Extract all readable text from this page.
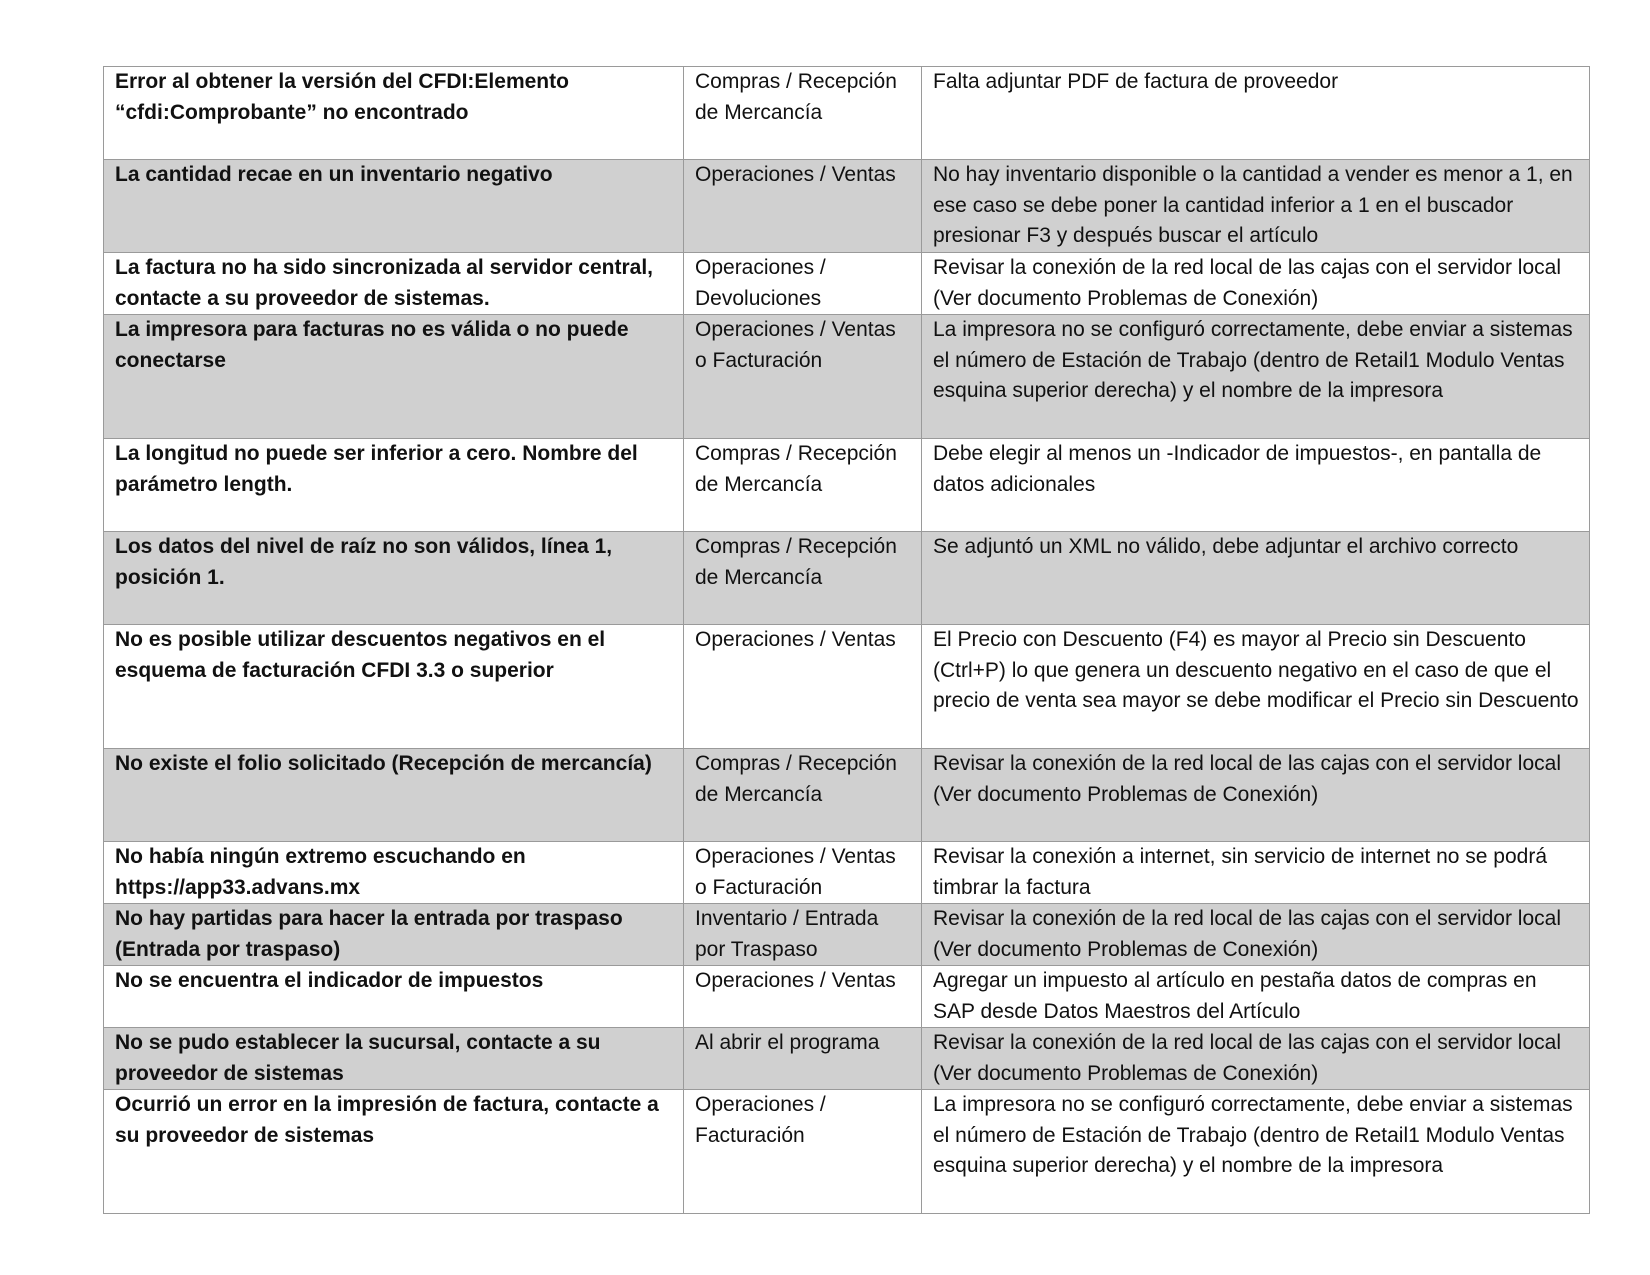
Error al obtener la versión del CFDI:Elemento “cfdi:Comprobante” no encontrado	Compras / Recepción de Mercancía	Falta adjuntar PDF de factura de proveedor
La cantidad recae en un inventario negativo	Operaciones / Ventas	No hay inventario disponible o la cantidad a vender es menor a 1, en ese caso se debe poner la cantidad inferior a 1 en el buscador presionar F3 y después buscar el artículo
La factura no ha sido sincronizada al servidor central, contacte a su proveedor de sistemas.	Operaciones / Devoluciones	Revisar la conexión de la red local de las cajas con el servidor local (Ver documento Problemas de Conexión)
La impresora para facturas no es válida o no puede conectarse	Operaciones / Ventas o Facturación	La impresora no se configuró correctamente, debe enviar a sistemas el número de Estación de Trabajo (dentro de Retail1 Modulo Ventas esquina superior derecha) y el nombre de la impresora
La longitud no puede ser inferior a cero. Nombre del parámetro length.	Compras / Recepción de Mercancía	Debe elegir al menos un -Indicador de impuestos-, en pantalla de datos adicionales
Los datos del nivel de raíz no son válidos, línea 1, posición 1.	Compras / Recepción de Mercancía	Se adjuntó un XML no válido, debe adjuntar el archivo correcto
No es posible utilizar descuentos negativos en el esquema de facturación CFDI 3.3 o superior	Operaciones / Ventas	El Precio con Descuento (F4) es mayor al Precio sin Descuento (Ctrl+P) lo que genera un descuento negativo en el caso de que el precio de venta sea mayor se debe modificar el Precio sin Descuento
No existe el folio solicitado (Recepción de mercancía)	Compras / Recepción de Mercancía	Revisar la conexión de la red local de las cajas con el servidor local (Ver documento Problemas de Conexión)
No había ningún extremo escuchando en https://app33.advans.mx	Operaciones / Ventas o Facturación	Revisar la conexión a internet, sin servicio de internet no se podrá timbrar la factura
No hay partidas para hacer la entrada por traspaso (Entrada por traspaso)	Inventario / Entrada por Traspaso	Revisar la conexión de la red local de las cajas con el servidor local (Ver documento Problemas de Conexión)
No se encuentra el indicador de impuestos	Operaciones / Ventas	Agregar un impuesto al artículo en pestaña datos de compras en SAP desde Datos Maestros del Artículo
No se pudo establecer la sucursal, contacte a su proveedor de sistemas	Al abrir el programa	Revisar la conexión de la red local de las cajas con el servidor local (Ver documento Problemas de Conexión)
Ocurrió un error en la impresión de factura, contacte a su proveedor de sistemas	Operaciones / Facturación	La impresora no se configuró correctamente, debe enviar a sistemas el número de Estación de Trabajo (dentro de Retail1 Modulo Ventas esquina superior derecha) y el nombre de la impresora
